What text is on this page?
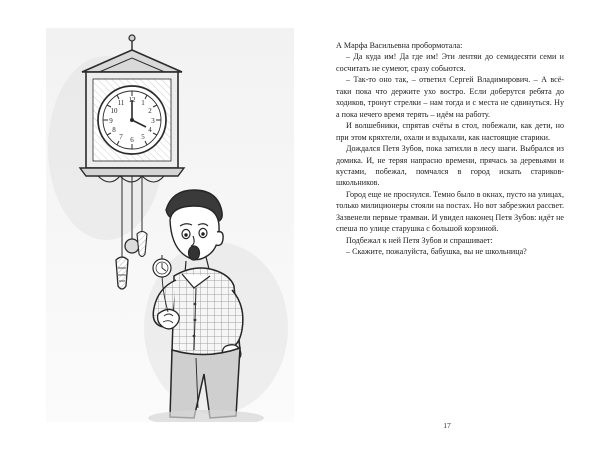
12 1
2
3
4
5
6
7
8
9
10
11

А Марфа Васильевна пробормотала:

– Да куда им! Да где им! Эти лентяи до семидесяти семи и сосчитать не сумеют, сразу собьются.

– Так-то оно так, – ответил Сергей Владимирович. – А всё-таки пока что держите ухо востро. Если доберутся ребята до ходиков, тронут стрелки – нам тогда и с места не сдвинуться. Ну а пока нечего время терять – идём на работу.

И волшебники, спрятав счёты в стол, побежали, как дети, но при этом кряхтели, охали и вздыхали, как настоящие старики.

Дождался Петя Зубов, пока затихли в лесу шаги. Выбрался из домика. И, не теряя напрасно времени, прячась за деревьями и кустами, побежал, помчался в город искать стариков-школьников.

Город еще не проснулся. Темно было в окнах, пусто на улицах, только милиционеры стояли на постах. Но вот забрезжил рассвет. Зазвенели первые трамваи. И увидел наконец Петя Зубов: идёт не спеша по улице старушка с большой корзиной.

Подбежал к ней Петя Зубов и спрашивает:

– Скажите, пожалуйста, бабушка, вы не школьница?

17
